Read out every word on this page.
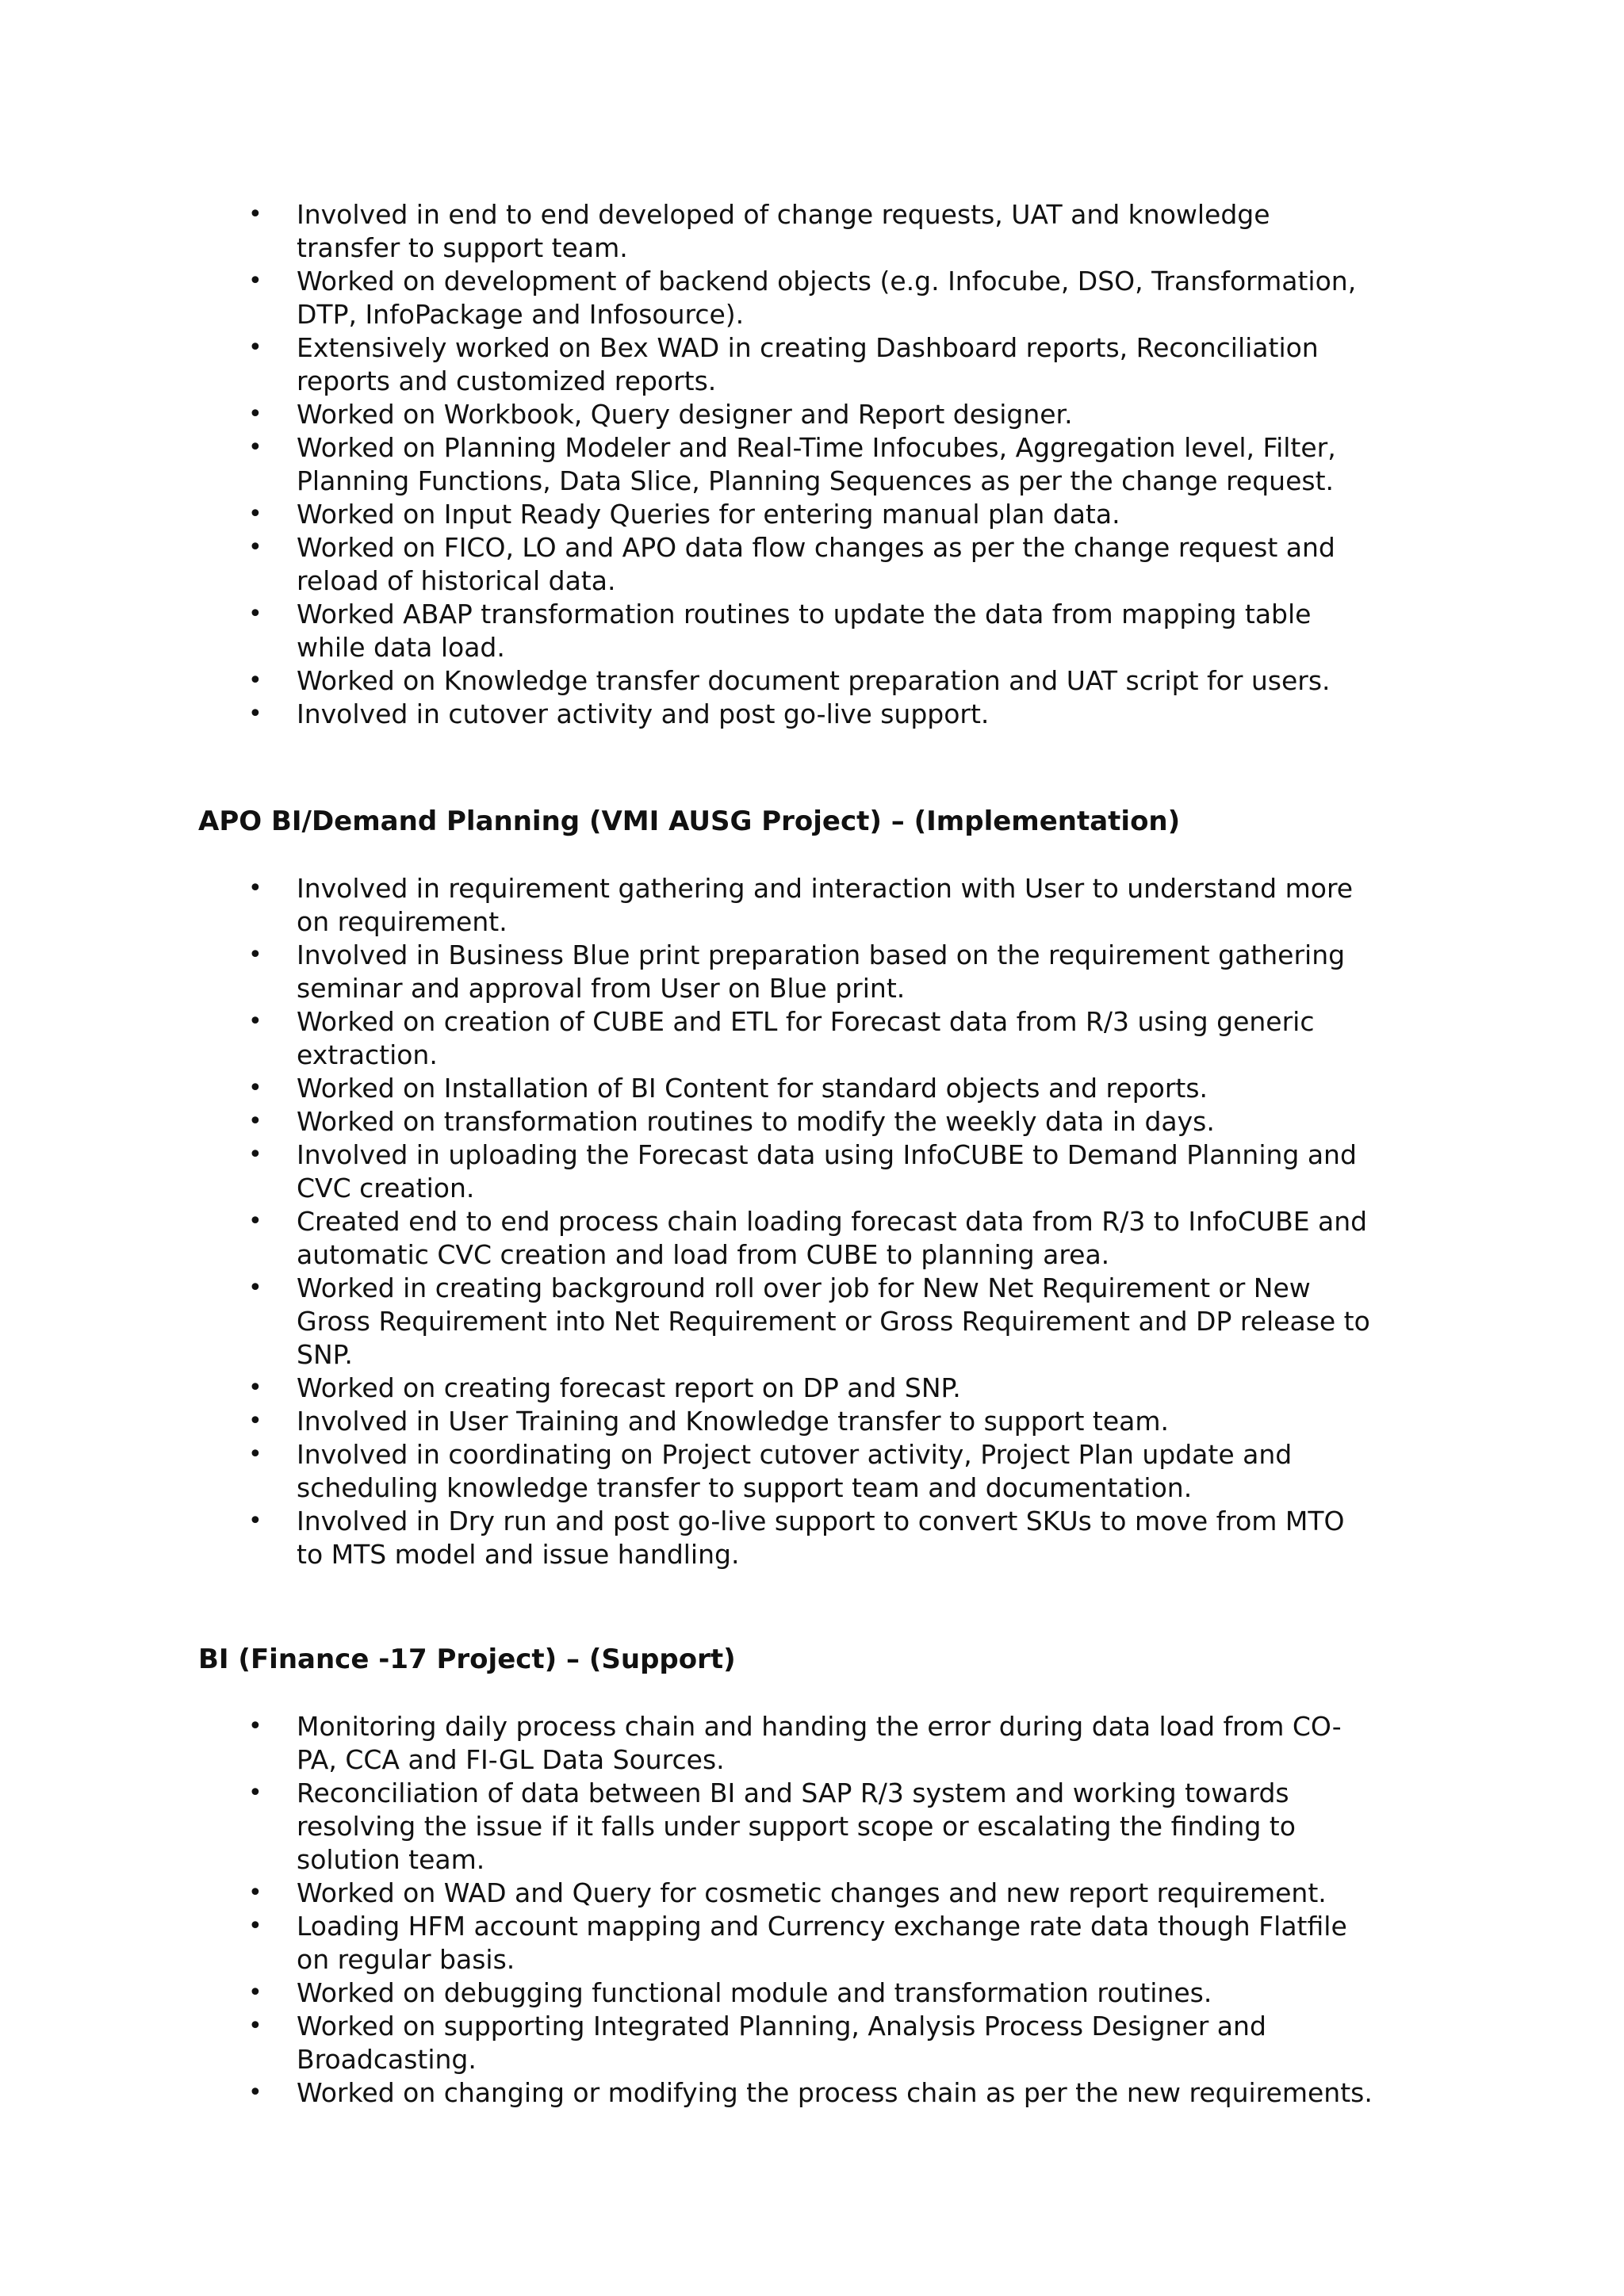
• Involved in end to end developed of change requests, UAT and knowledge
transfer to support team.
• Worked on development of backend objects (e.g. Infocube, DSO, Transformation,
DTP, InfoPackage and Infosource).
• Extensively worked on Bex WAD in creating Dashboard reports, Reconciliation
reports and customized reports.
• Worked on Workbook, Query designer and Report designer.
• Worked on Planning Modeler and Real-Time Infocubes, Aggregation level, Filter,
Planning Functions, Data Slice, Planning Sequences as per the change request.
• Worked on Input Ready Queries for entering manual plan data.
• Worked on FICO, LO and APO data flow changes as per the change request and
reload of historical data.
• Worked ABAP transformation routines to update the data from mapping table
while data load.
• Worked on Knowledge transfer document preparation and UAT script for users.
• Involved in cutover activity and post go-live support.
APO BI/Demand Planning (VMI AUSG Project) – (Implementation)
• Involved in requirement gathering and interaction with User to understand more
on requirement.
• Involved in Business Blue print preparation based on the requirement gathering
seminar and approval from User on Blue print.
• Worked on creation of CUBE and ETL for Forecast data from R/3 using generic
extraction.
• Worked on Installation of BI Content for standard objects and reports.
• Worked on transformation routines to modify the weekly data in days.
• Involved in uploading the Forecast data using InfoCUBE to Demand Planning and
CVC creation.
• Created end to end process chain loading forecast data from R/3 to InfoCUBE and
automatic CVC creation and load from CUBE to planning area.
• Worked in creating background roll over job for New Net Requirement or New
Gross Requirement into Net Requirement or Gross Requirement and DP release to
SNP.
• Worked on creating forecast report on DP and SNP.
• Involved in User Training and Knowledge transfer to support team.
• Involved in coordinating on Project cutover activity, Project Plan update and
scheduling knowledge transfer to support team and documentation.
• Involved in Dry run and post go-live support to convert SKUs to move from MTO
to MTS model and issue handling.
BI (Finance -17 Project) – (Support)
• Monitoring daily process chain and handing the error during data load from CO-
PA, CCA and FI-GL Data Sources.
• Reconciliation of data between BI and SAP R/3 system and working towards
resolving the issue if it falls under support scope or escalating the finding to
solution team.
• Worked on WAD and Query for cosmetic changes and new report requirement.
• Loading HFM account mapping and Currency exchange rate data though Flatfile
on regular basis.
• Worked on debugging functional module and transformation routines.
• Worked on supporting Integrated Planning, Analysis Process Designer and
Broadcasting.
• Worked on changing or modifying the process chain as per the new requirements.
